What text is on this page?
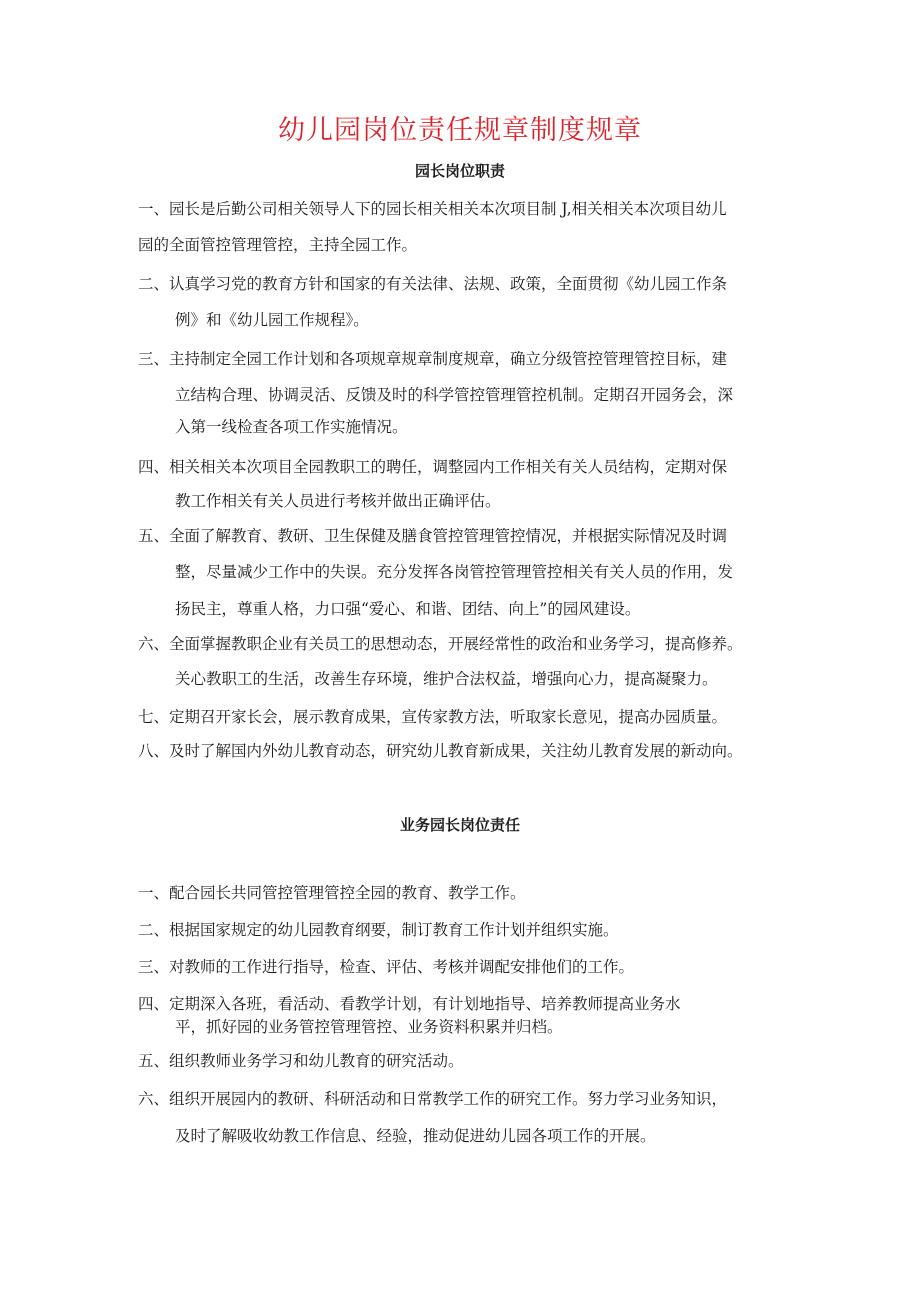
幼儿园岗位责任规章制度规章
园长岗位职责
一、园长是后勤公司相关领导人下的园长相关相关本次项目制 J,相关相关本次项目幼儿
园的全面管控管理管控，主持全园工作。
二、认真学习党的教育方针和国家的有关法律、法规、政策，全面贯彻《幼儿园工作条
例》和《幼儿园工作规程》。
三、主持制定全园工作计划和各项规章规章制度规章，确立分级管控管理管控目标，建
立结构合理、协调灵活、反馈及时的科学管控管理管控机制。定期召开园务会，深
入第一线检查各项工作实施情况。
四、相关相关本次项目全园教职工的聘任，调整园内工作相关有关人员结构，定期对保
教工作相关有关人员进行考核并做出正确评估。
五、全面了解教育、教研、卫生保健及膳食管控管理管控情况，并根据实际情况及时调
整，尽量减少工作中的失误。充分发挥各岗管控管理管控相关有关人员的作用，发
扬民主，尊重人格，力口强“爱心、和谐、团结、向上”的园风建设。
六、全面掌握教职企业有关员工的思想动态，开展经常性的政治和业务学习，提高修养。
关心教职工的生活，改善生存环境，维护合法权益，增强向心力，提高凝聚力。
七、定期召开家长会，展示教育成果，宣传家教方法，听取家长意见，提高办园质量。
八、及时了解国内外幼儿教育动态，研究幼儿教育新成果，关注幼儿教育发展的新动向。
业务园长岗位责任
一、配合园长共同管控管理管控全园的教育、教学工作。
二、根据国家规定的幼儿园教育纲要，制订教育工作计划并组织实施。
三、对教师的工作进行指导，检查、评估、考核并调配安排他们的工作。
四、定期深入各班，看活动、看教学计划，有计划地指导、培养教师提高业务水
平，抓好园的业务管控管理管控、业务资料积累并归档。
五、组织教师业务学习和幼儿教育的研究活动。
六、组织开展园内的教研、科研活动和日常教学工作的研究工作。努力学习业务知识，
及时了解吸收幼教工作信息、经验，推动促进幼儿园各项工作的开展。
